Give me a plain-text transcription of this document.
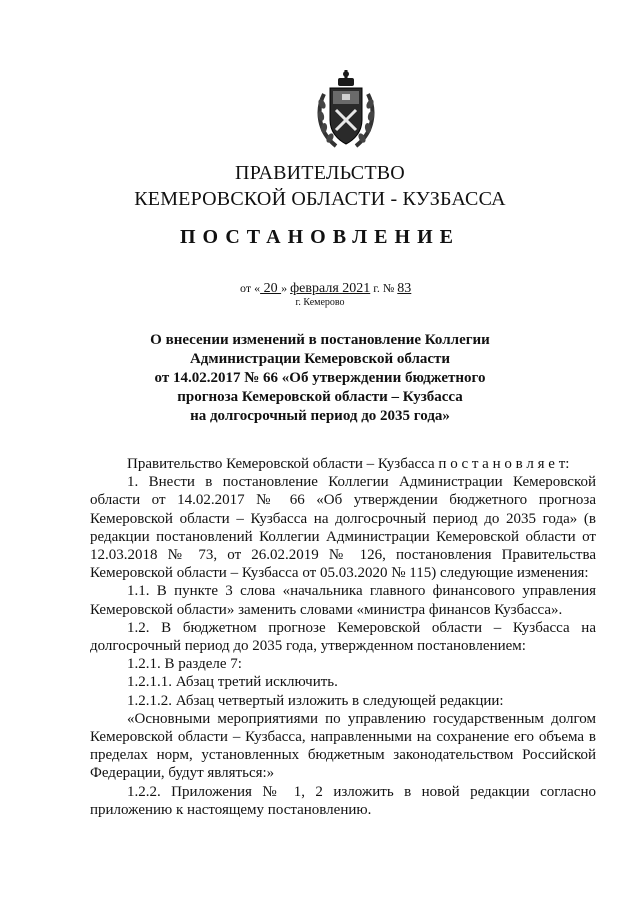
ПРАВИТЕЛЬСТВО
КЕМЕРОВСКОЙ ОБЛАСТИ - КУЗБАССА
ПОСТАНОВЛЕНИЕ
от « 20 » февраля 2021 г. № 83
г. Кемерово
О внесении изменений в постановление Коллегии
Администрации Кемеровской области
от 14.02.2017 № 66 «Об утверждении бюджетного
прогноза Кемеровской области – Кузбасса
на долгосрочный период до 2035 года»

Правительство Кемеровской области – Кузбасса п о с т а н о в л я е т:

1. Внести в постановление Коллегии Администрации Кемеровской области от 14.02.2017 № 66 «Об утверждении бюджетного прогноза Кемеровской области – Кузбасса на долгосрочный период до 2035 года» (в редакции постановлений Коллегии Администрации Кемеровской области от 12.03.2018 № 73, от 26.02.2019 № 126, постановления Правительства Кемеровской области – Кузбасса от 05.03.2020 № 115) следующие изменения:

1.1. В пункте 3 слова «начальника главного финансового управления Кемеровской области» заменить словами «министра финансов Кузбасса».

1.2. В бюджетном прогнозе Кемеровской области – Кузбасса на долгосрочный период до 2035 года, утвержденном постановлением:

1.2.1. В разделе 7:

1.2.1.1. Абзац третий исключить.

1.2.1.2. Абзац четвертый изложить в следующей редакции:

«Основными мероприятиями по управлению государственным долгом Кемеровской области – Кузбасса, направленными на сохранение его объема в пределах норм, установленных бюджетным законодательством Российской Федерации, будут являться:»

1.2.2. Приложения № 1, 2 изложить в новой редакции согласно приложению к настоящему постановлению.
